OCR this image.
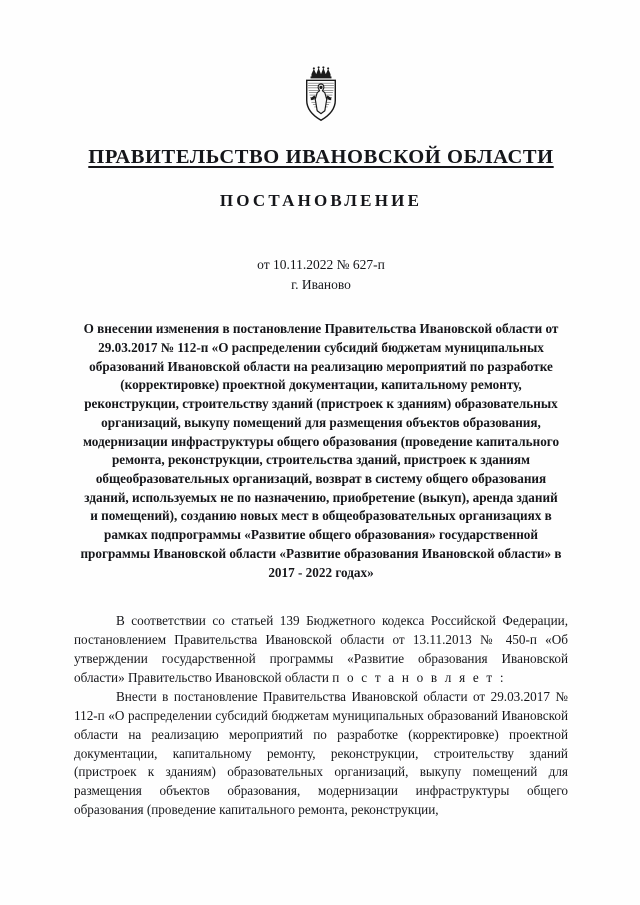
ПРАВИТЕЛЬСТВО ИВАНОВСКОЙ ОБЛАСТИ
ПОСТАНОВЛЕНИЕ
от 10.11.2022 № 627-п
г. Иваново
О внесении изменения в постановление Правительства Ивановской области от 29.03.2017 № 112-п «О распределении субсидий бюджетам муниципальных образований Ивановской области на реализацию мероприятий по разработке (корректировке) проектной документации, капитальному ремонту, реконструкции, строительству зданий (пристроек к зданиям) образовательных организаций, выкупу помещений для размещения объектов образования, модернизации инфраструктуры общего образования (проведение капитального ремонта, реконструкции, строительства зданий, пристроек к зданиям общеобразовательных организаций, возврат в систему общего образования зданий, используемых не по назначению, приобретение (выкуп), аренда зданий и помещений), созданию новых мест в общеобразовательных организациях в рамках подпрограммы «Развитие общего образования» государственной программы Ивановской области «Развитие образования Ивановской области» в 2017 - 2022 годах»

В соответствии со статьей 139 Бюджетного кодекса Российской Федерации, постановлением Правительства Ивановской области от 13.11.2013 № 450-п «Об утверждении государственной программы «Развитие образования Ивановской области» Правительство Ивановской области п о с т а н о в л я е т :

Внести в постановление Правительства Ивановской области от 29.03.2017 № 112-п «О распределении субсидий бюджетам муниципальных образований Ивановской области на реализацию мероприятий по разработке (корректировке) проектной документации, капитальному ремонту, реконструкции, строительству зданий (пристроек к зданиям) образовательных организаций, выкупу помещений для размещения объектов образования, модернизации инфраструктуры общего образования (проведение капитального ремонта, реконструкции,
